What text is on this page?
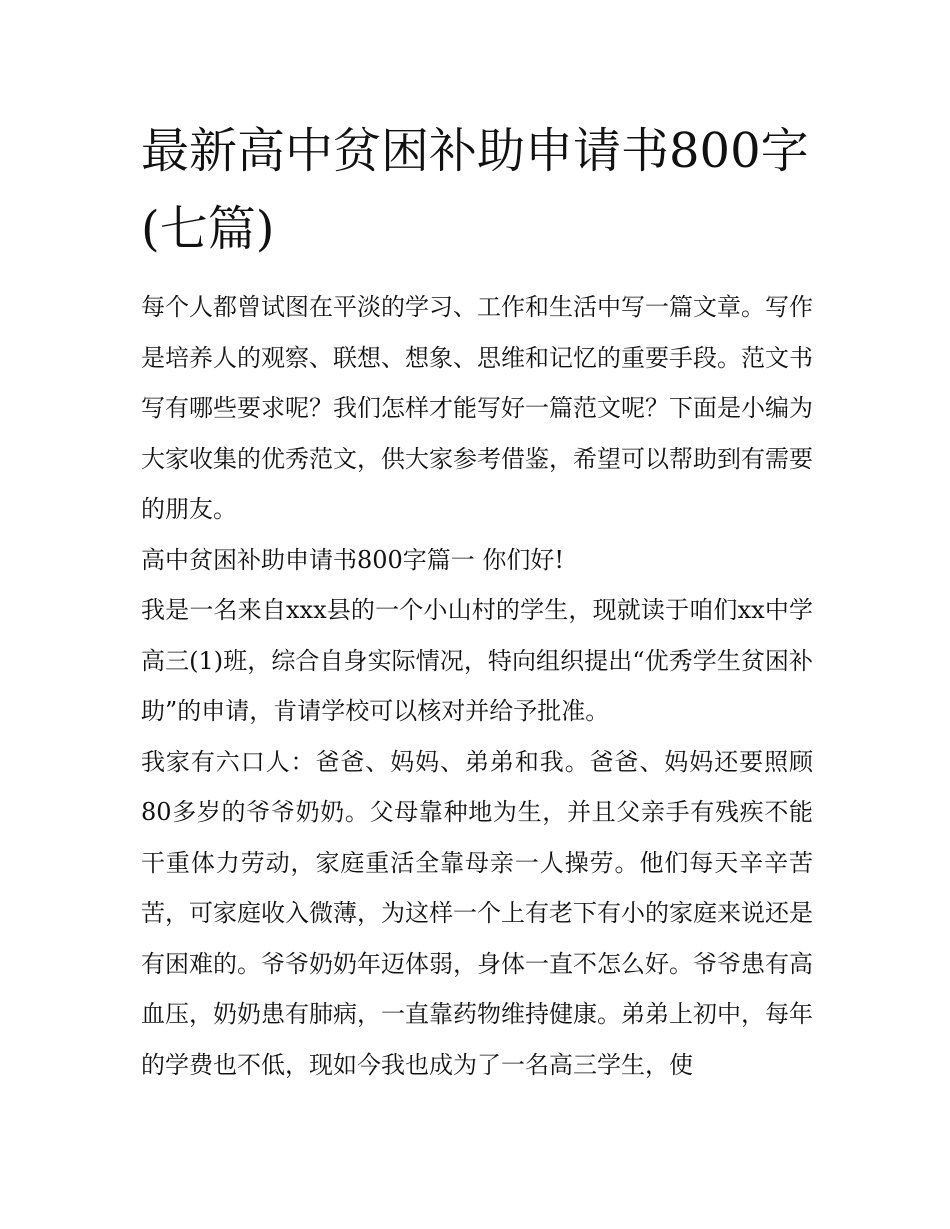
最新高中贫困补助申请书800字(七篇)

每个人都曾试图在平淡的学习、工作和生活中写一篇文章。写作是培养人的观察、联想、想象、思维和记忆的重要手段。范文书写有哪些要求呢？我们怎样才能写好一篇范文呢？下面是小编为大家收集的优秀范文，供大家参考借鉴，希望可以帮助到有需要的朋友。

高中贫困补助申请书800字篇一 你们好!

我是一名来自xxx县的一个小山村的学生，现就读于咱们xx中学高三(1)班，综合自身实际情况，特向组织提出“优秀学生贫困补助”的申请，肯请学校可以核对并给予批准。

我家有六口人：爸爸、妈妈、弟弟和我。爸爸、妈妈还要照顾80多岁的爷爷奶奶。父母靠种地为生，并且父亲手有残疾不能干重体力劳动，家庭重活全靠母亲一人操劳。他们每天辛辛苦苦，可家庭收入微薄，为这样一个上有老下有小的家庭来说还是有困难的。爷爷奶奶年迈体弱，身体一直不怎么好。爷爷患有高血压，奶奶患有肺病，一直靠药物维持健康。弟弟上初中，每年的学费也不低，现如今我也成为了一名高三学生，使
